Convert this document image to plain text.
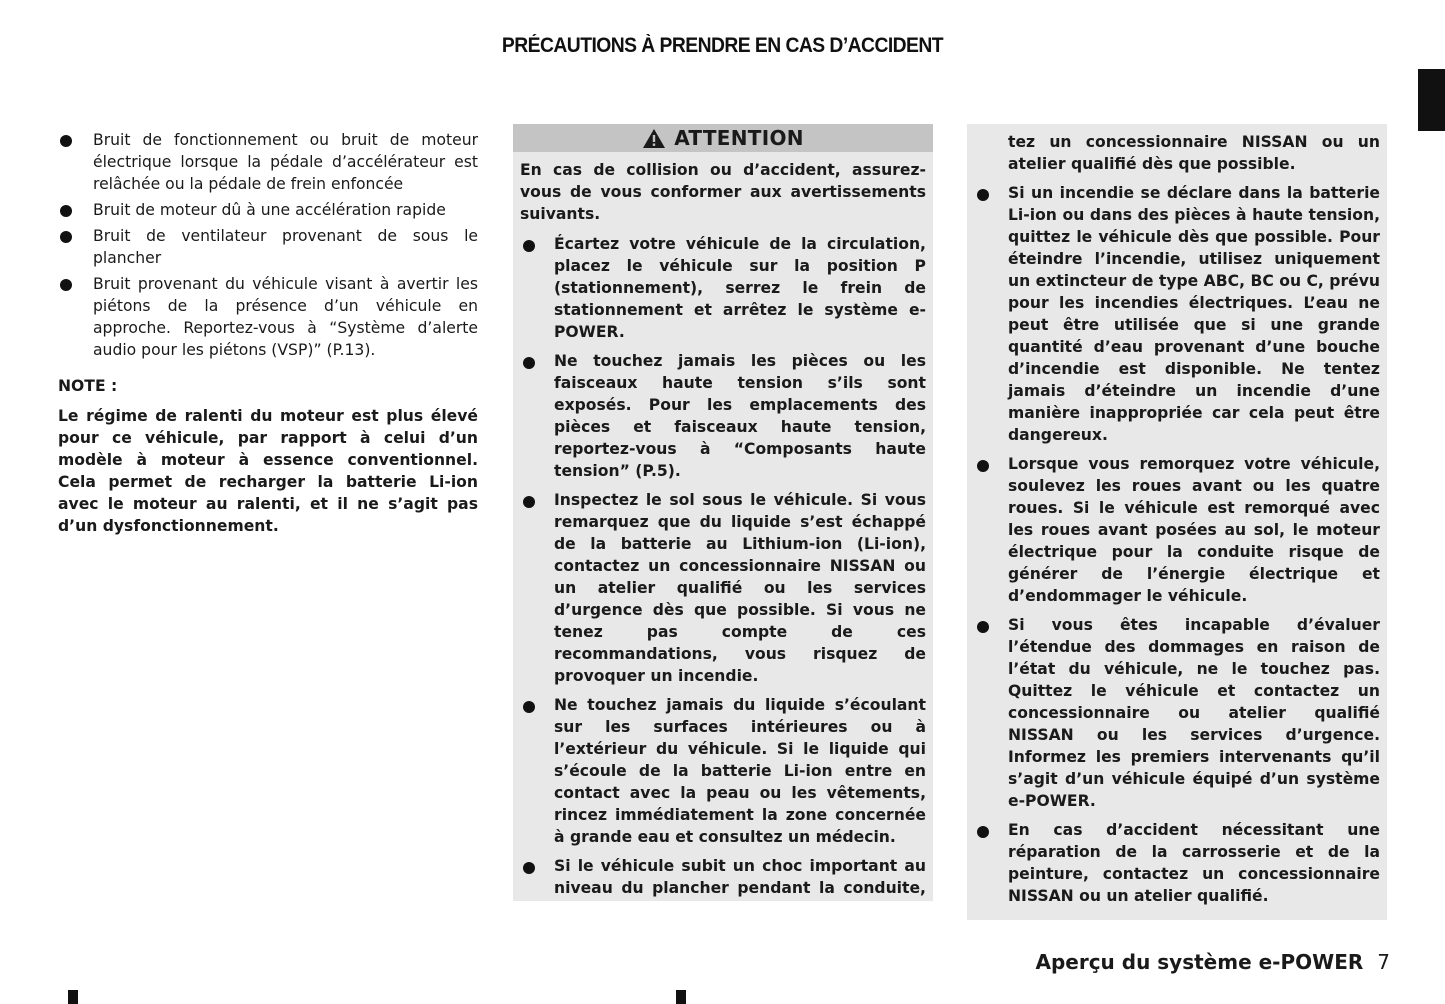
PRÉCAUTIONS À PRENDRE EN CAS D’ACCIDENT
Bruit de fonctionnement ou bruit de moteur électrique lorsque la pédale d’accélérateur est relâchée ou la pédale de frein enfoncée
Bruit de moteur dû à une accélération rapide
Bruit de ventilateur provenant de sous le plancher
Bruit provenant du véhicule visant à avertir les piétons de la présence d’un véhicule en approche. Reportez-vous à “Système d’alerte audio pour les piétons (VSP)” (P.13).
NOTE :
Le régime de ralenti du moteur est plus élevé pour ce véhicule, par rapport à celui d’un modèle à moteur à essence conventionnel. Cela permet de recharger la batterie Li-ion avec le moteur au ralenti, et il ne s’agit pas d’un dysfonctionnement.
ATTENTION
En cas de collision ou d’accident, assurez-vous de vous conformer aux avertissements suivants.
Écartez votre véhicule de la circulation, placez le véhicule sur la position P (stationnement), serrez le frein de stationnement et arrêtez le système e-POWER.
Ne touchez jamais les pièces ou les faisceaux haute tension s’ils sont exposés. Pour les emplacements des pièces et faisceaux haute tension, reportez-vous à “Composants haute tension” (P.5).
Inspectez le sol sous le véhicule. Si vous remarquez que du liquide s’est échappé de la batterie au Lithium-ion (Li-ion), contactez un concessionnaire NISSAN ou un atelier qualifié ou les services d’urgence dès que possible. Si vous ne tenez pas compte de ces recommandations, vous risquez de provoquer un incendie.
Ne touchez jamais du liquide s’écoulant sur les surfaces intérieures ou à l’extérieur du véhicule. Si le liquide qui s’écoule de la batterie Li-ion entre en contact avec la peau ou les vêtements, rincez immédiatement la zone concernée à grande eau et consultez un médecin.
Si le véhicule subit un choc important au niveau du plancher pendant la conduite,
tez un concessionnaire NISSAN ou un atelier qualifié dès que possible.
Si un incendie se déclare dans la batterie Li-ion ou dans des pièces à haute tension, quittez le véhicule dès que possible. Pour éteindre l’incendie, utilisez uniquement un extincteur de type ABC, BC ou C, prévu pour les incendies électriques. L’eau ne peut être utilisée que si une grande quantité d’eau provenant d’une bouche d’incendie est disponible. Ne tentez jamais d’éteindre un incendie d’une manière inappropriée car cela peut être dangereux.
Lorsque vous remorquez votre véhicule, soulevez les roues avant ou les quatre roues. Si le véhicule est remorqué avec les roues avant posées au sol, le moteur électrique pour la conduite risque de générer de l’énergie électrique et d’endommager le véhicule.
Si vous êtes incapable d’évaluer l’étendue des dommages en raison de l’état du véhicule, ne le touchez pas. Quittez le véhicule et contactez un concessionnaire ou atelier qualifié NISSAN ou les services d’urgence. Informez les premiers intervenants qu’il s’agit d’un véhicule équipé d’un système e-POWER.
En cas d’accident nécessitant une réparation de la carrosserie et de la peinture, contactez un concessionnaire NISSAN ou un atelier qualifié.
Aperçu du système e-POWER 7
